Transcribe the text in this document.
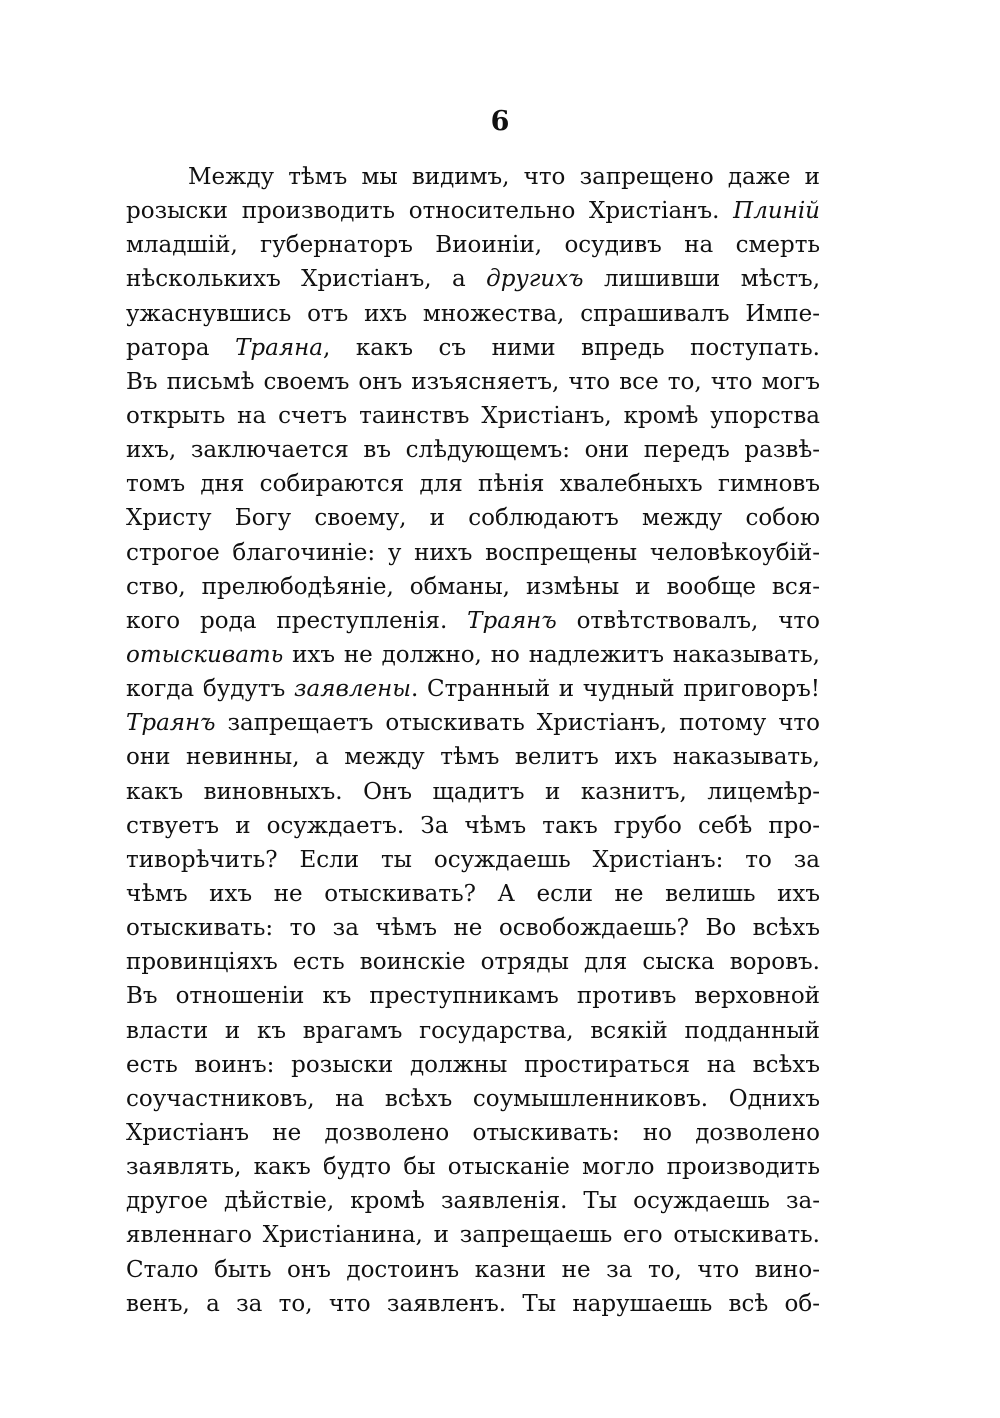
6
Между тѣмъ мы видимъ, что запрещено даже и
розыски производить относительно Христіанъ. Плиній
младшій, губернаторъ Виоиніи, осудивъ на смерть
нѣсколькихъ Христіанъ, а другихъ лишивши мѣстъ,
ужаснувшись отъ ихъ множества, спрашивалъ Импе-
ратора Траяна, какъ съ ними впредь поступать.
Въ письмѣ своемъ онъ изъясняетъ, что все то, что могъ
открыть на счетъ таинствъ Христіанъ, кромѣ упорства
ихъ, заключается въ слѣдующемъ: они передъ развѣ-
томъ дня собираются для пѣнія хвалебныхъ гимновъ
Христу Богу своему, и соблюдаютъ между собою
строгое благочиніе: у нихъ воспрещены человѣкоубій-
ство, прелюбодѣяніе, обманы, измѣны и вообще вся-
кого рода преступленія. Траянъ отвѣтствовалъ, что
отыскивать ихъ не должно, но надлежитъ наказывать,
когда будутъ заявлены. Странный и чудный приговоръ!
Траянъ запрещаетъ отыскивать Христіанъ, потому что
они невинны, а между тѣмъ велитъ ихъ наказывать,
какъ виновныхъ. Онъ щадитъ и казнитъ, лицемѣр-
ствуетъ и осуждаетъ. За чѣмъ такъ грубо себѣ про-
тиворѣчить? Если ты осуждаешь Христіанъ: то за
чѣмъ ихъ не отыскивать? А если не велишь ихъ
отыскивать: то за чѣмъ не освобождаешь? Во всѣхъ
провинціяхъ есть воинскіе отряды для сыска воровъ.
Въ отношеніи къ преступникамъ противъ верховной
власти и къ врагамъ государства, всякій подданный
есть воинъ: розыски должны простираться на всѣхъ
соучастниковъ, на всѣхъ соумышленниковъ. Однихъ
Христіанъ не дозволено отыскивать: но дозволено
заявлять, какъ будто бы отысканіе могло производить
другое дѣйствіе, кромѣ заявленія. Ты осуждаешь за-
явленнаго Христіанина, и запрещаешь его отыскивать.
Стало быть онъ достоинъ казни не за то, что вино-
венъ, а за то, что заявленъ. Ты нарушаешь всѣ об-
